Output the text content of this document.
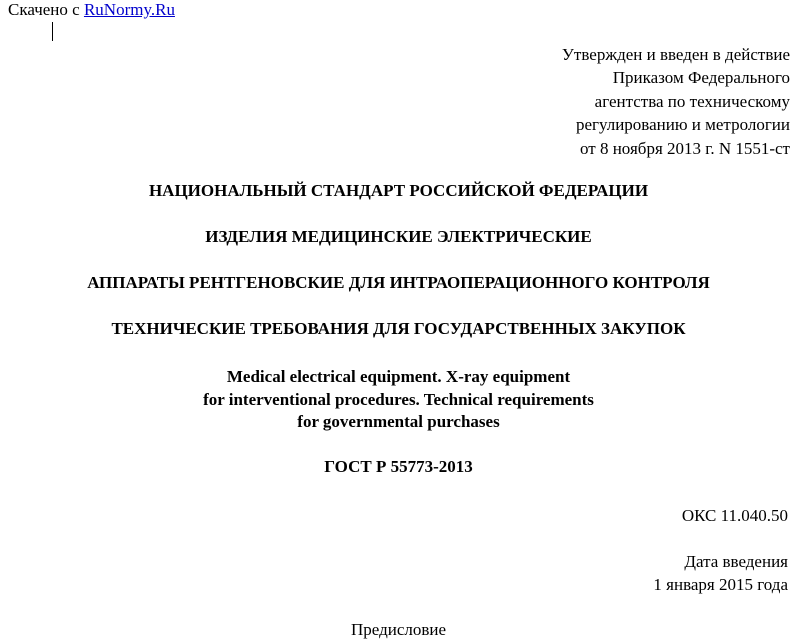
Скачено с RuNormy.Ru
Утвержден и введен в действие
Приказом Федерального
агентства по техническому
регулированию и метрологии
от 8 ноября 2013 г. N 1551-ст
НАЦИОНАЛЬНЫЙ СТАНДАРТ РОССИЙСКОЙ ФЕДЕРАЦИИ
ИЗДЕЛИЯ МЕДИЦИНСКИЕ ЭЛЕКТРИЧЕСКИЕ
АППАРАТЫ РЕНТГЕНОВСКИЕ ДЛЯ ИНТРАОПЕРАЦИОННОГО КОНТРОЛЯ
ТЕХНИЧЕСКИЕ ТРЕБОВАНИЯ ДЛЯ ГОСУДАРСТВЕННЫХ ЗАКУПОК
Medical electrical equipment. X-ray equipment
for interventional procedures. Technical requirements
for governmental purchases
ГОСТ Р 55773-2013
ОКС 11.040.50
Дата введения
1 января 2015 года
Предисловие
